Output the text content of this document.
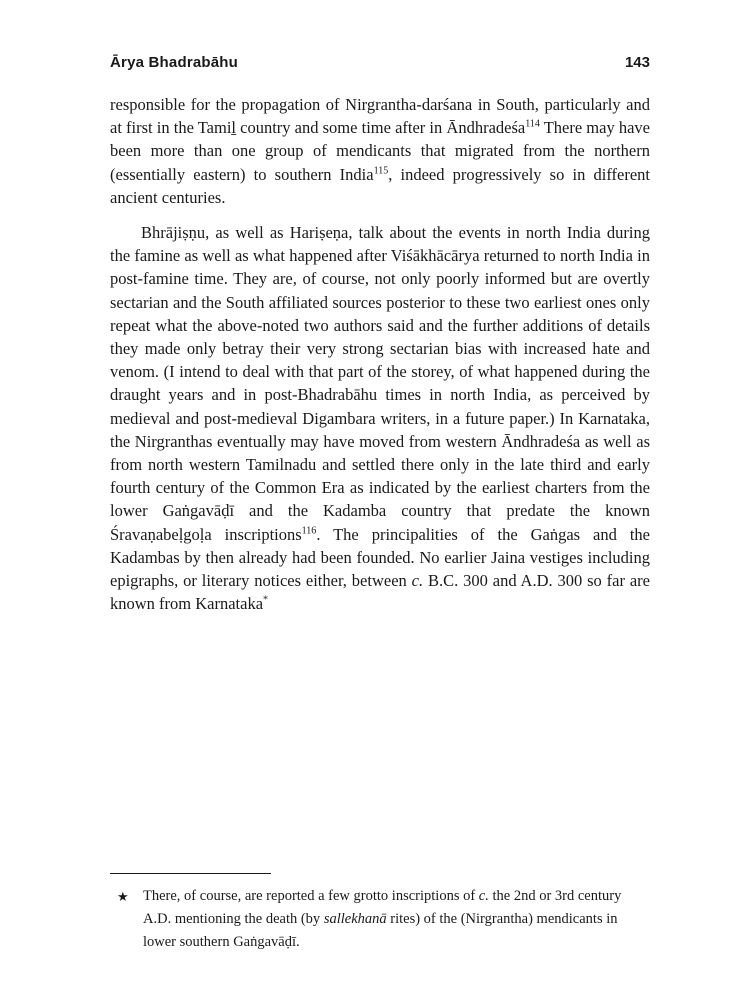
Ārya Bhadrabāhu	143

responsible for the propagation of Nirgrantha-darśana in South, particularly and at first in the Tamiḻ country and some time after in Āndhradeśa$^{114}$ There may have been more than one group of mendicants that migrated from the northern (essentially eastern) to southern India$^{115}$, indeed progressively so in different ancient centuries.

Bhrājiṣṇu, as well as Hariṣeṇa, talk about the events in north India during the famine as well as what happened after Viśākhācārya returned to north India in post-famine time. They are, of course, not only poorly informed but are overtly sectarian and the South affiliated sources posterior to these two earliest ones only repeat what the above-noted two authors said and the further additions of details they made only betray their very strong sectarian bias with increased hate and venom. (I intend to deal with that part of the storey, of what happened during the draught years and in post-Bhadrabāhu times in north India, as perceived by medieval and post-medieval Digambara writers, in a future paper.) In Karnataka, the Nirgranthas eventually may have moved from western Āndhradeśa as well as from north western Tamilnadu and settled there only in the late third and early fourth century of the Common Era as indicated by the earliest charters from the lower Gaṅgavāḍī and the Kadamba country that predate the known Śravaṇabeḷgoḷa inscriptions$^{116}$. The principalities of the Gaṅgas and the Kadambas by then already had been founded. No earlier Jaina vestiges including epigraphs, or literary notices either, between c. B.C. 300 and A.D. 300 so far are known from Karnataka*

★ There, of course, are reported a few grotto inscriptions of c. the 2nd or 3rd century A.D. mentioning the death (by sallekhanā rites) of the (Nirgrantha) mendicants in lower southern Gaṅgavāḍī.
